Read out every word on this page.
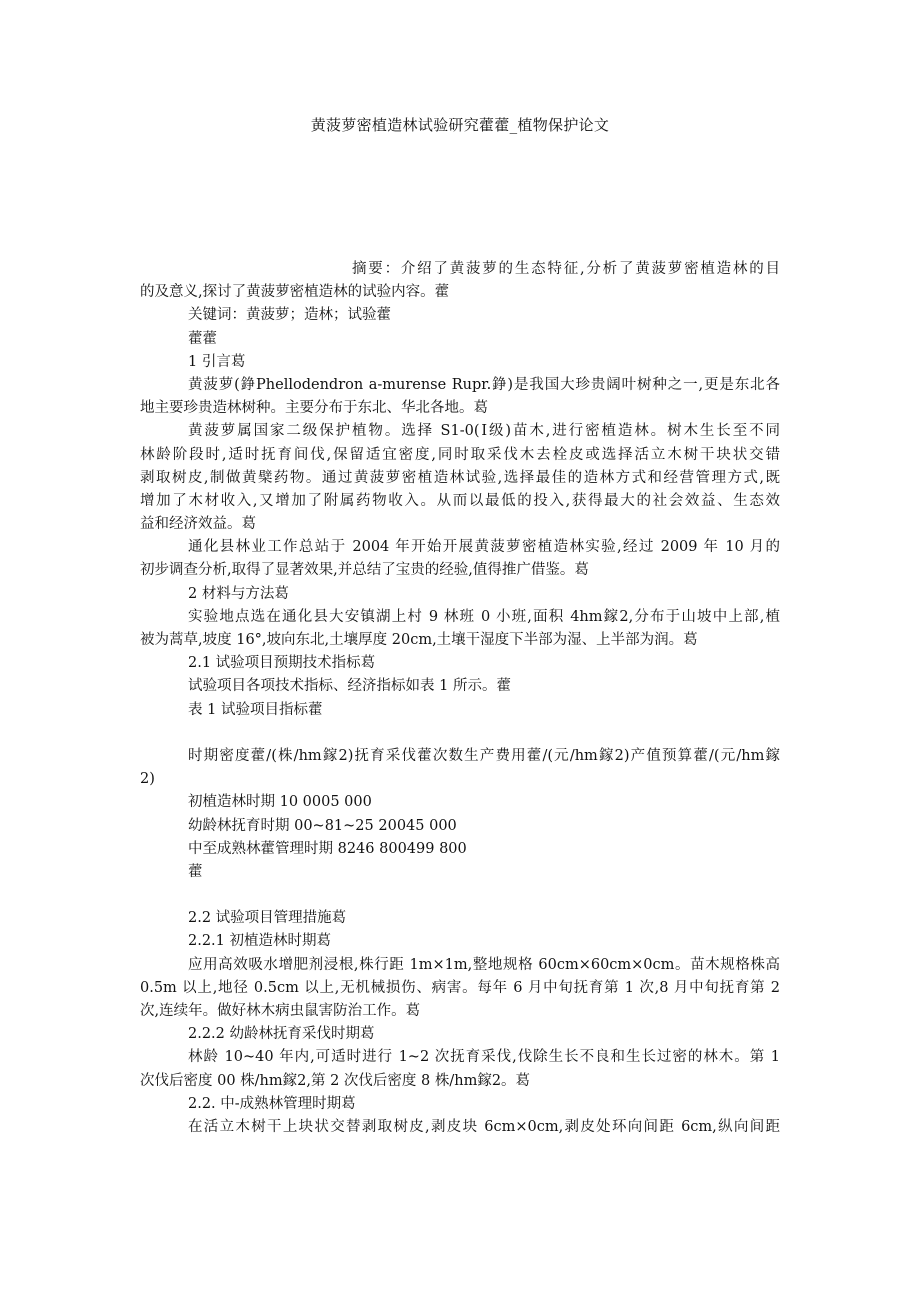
黄菠萝密植造林试验研究藿藿_植物保护论文
摘要：介绍了黄菠萝的生态特征,分析了黄菠萝密植造林的目
的及意义,探讨了黄菠萝密植造林的试验内容。藿
关键词：黄菠萝；造林；试验藿
藿藿
1 引言葛
黄菠萝(錚Phellodendron a-murense Rupr.錚)是我国大珍贵阔叶树种之一,更是东北各
地主要珍贵造林树种。主要分布于东北、华北各地。葛
黄菠萝属国家二级保护植物。选择 S1-0(Ⅰ级)苗木,进行密植造林。树木生长至不同
林龄阶段时,适时抚育间伐,保留适宜密度,同时取采伐木去栓皮或选择活立木树干块状交错
剥取树皮,制做黄檗药物。通过黄菠萝密植造林试验,选择最佳的造林方式和经营管理方式,既
增加了木材收入,又增加了附属药物收入。从而以最低的投入,获得最大的社会效益、生态效
益和经济效益。葛
通化县林业工作总站于 2004 年开始开展黄菠萝密植造林实验,经过 2009 年 10 月的
初步调查分析,取得了显著效果,并总结了宝贵的经验,值得推广借鉴。葛
2 材料与方法葛
实验地点选在通化县大安镇湖上村 9 林班 0 小班,面积 4hm鎵2,分布于山坡中上部,植
被为蒿草,坡度 16°,坡向东北,土壤厚度 20cm,土壤干湿度下半部为湿、上半部为润。葛
2.1 试验项目预期技术指标葛
试验项目各项技术指标、经济指标如表 1 所示。藿
表 1 试验项目指标藿
时期密度藿/(株/hm鎵2)抚育采伐藿次数生产费用藿/(元/hm鎵2)产值预算藿/(元/hm鎵
2)
初植造林时期 10 0005 000
幼龄林抚育时期 00~81~25 20045 000
中至成熟林藿管理时期 8246 800499 800
藿
2.2 试验项目管理措施葛
2.2.1 初植造林时期葛
应用高效吸水增肥剂浸根,株行距 1m×1m,整地规格 60cm×60cm×0cm。苗木规格株高
0.5m 以上,地径 0.5cm 以上,无机械损伤、病害。每年 6 月中旬抚育第 1 次,8 月中旬抚育第 2
次,连续年。做好林木病虫鼠害防治工作。葛
2.2.2 幼龄林抚育采伐时期葛
林龄 10~40 年内,可适时进行 1~2 次抚育采伐,伐除生长不良和生长过密的林木。第 1
次伐后密度 00 株/hm鎵2,第 2 次伐后密度 8 株/hm鎵2。葛
2.2. 中-成熟林管理时期葛
在活立木树干上块状交替剥取树皮,剥皮块 6cm×0cm,剥皮处环向间距 6cm,纵向间距
